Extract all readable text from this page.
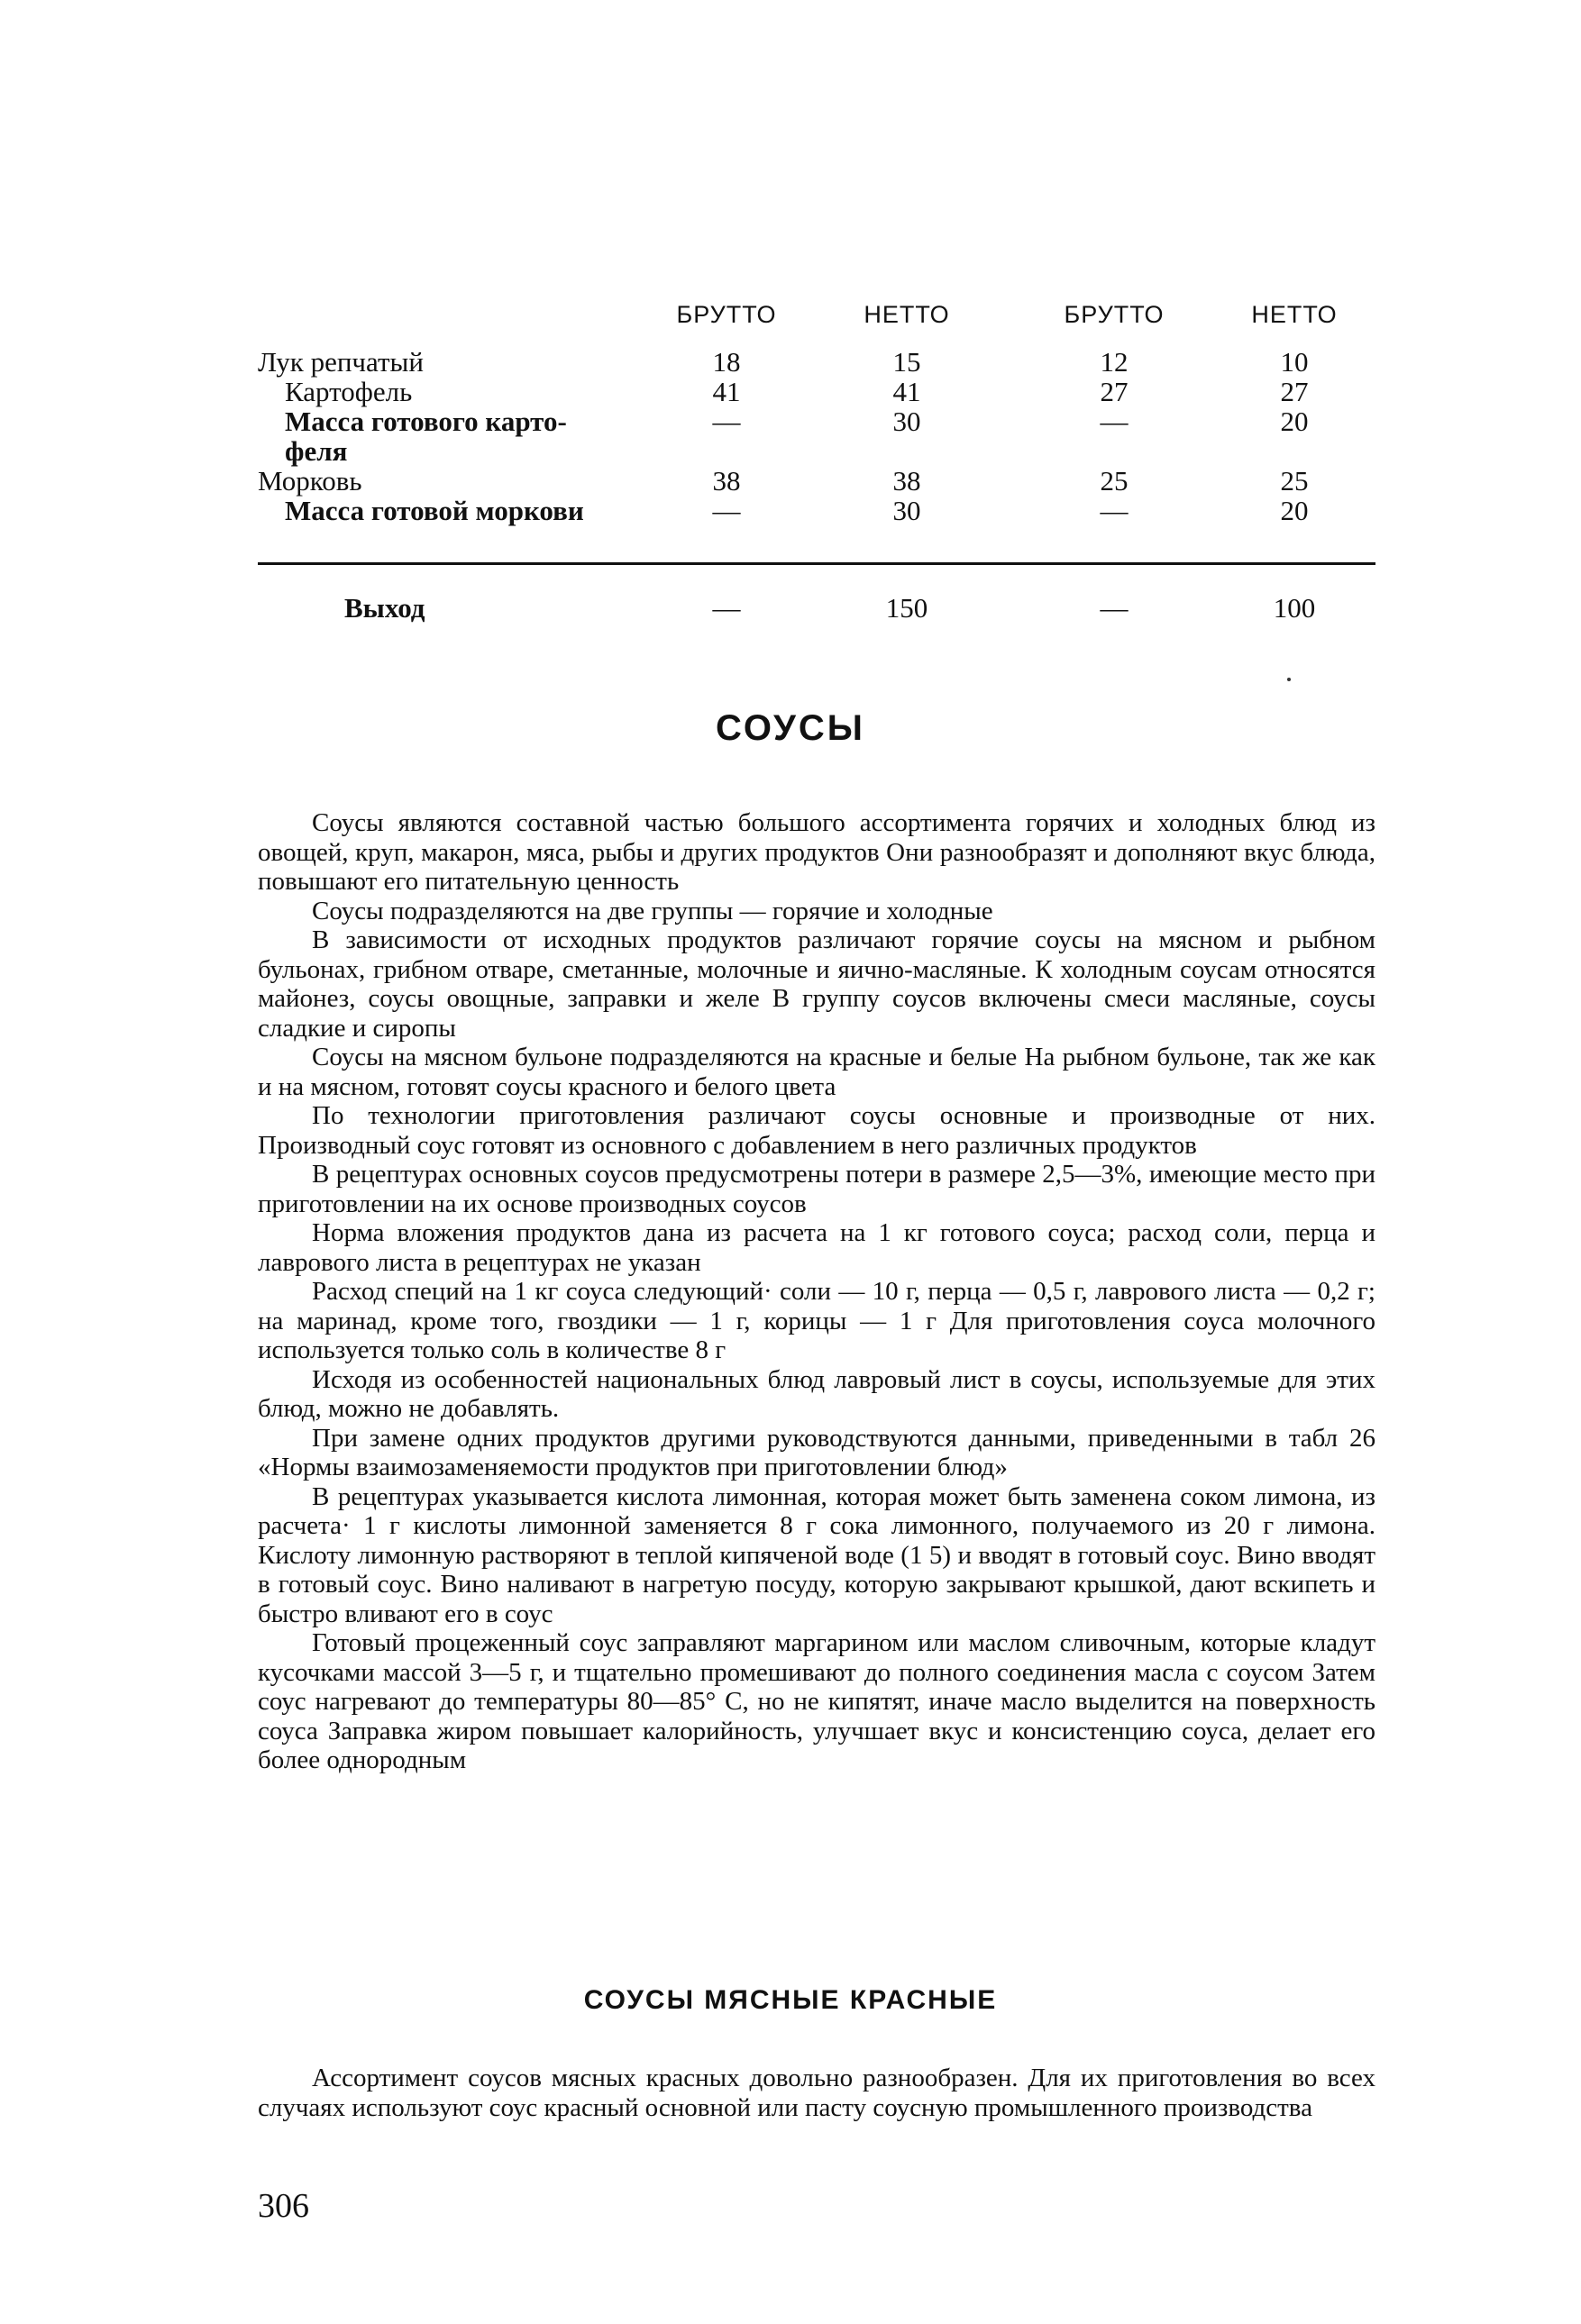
БРУТТО	НЕТТО	БРУТТО	НЕТТО
Лук репчатый	18	15	12	10
Картофель	41	41	27	27
Масса готового карто-	—	30	—	20
феля
Морковь	38	38	25	25
Масса готовой моркови	—	30	—	20
Выход	—	150	—	100
СОУСЫ

Соусы являются составной частью большого ассортимента горячих и холодных блюд из овощей, круп, макарон, мяса, рыбы и других продуктов Они разнообразят и дополняют вкус блюда, повышают его питательную ценность

Соусы подразделяются на две группы — горячие и холодные

В зависимости от исходных продуктов различают горячие соусы на мясном и рыбном бульонах, грибном отваре, сметанные, молочные и яично-масляные. К холодным соусам относятся майонез, соусы овощные, заправки и желе В группу соусов включены смеси масляные, соусы сладкие и сиропы

Соусы на мясном бульоне подразделяются на красные и белые На рыбном бульоне, так же как и на мясном, готовят соусы красного и белого цвета

По технологии приготовления различают соусы основные и производные от них. Производный соус готовят из основного с добавлением в него различных продуктов

В рецептурах основных соусов предусмотрены потери в размере 2,5—3%, имеющие место при приготовлении на их основе производных соусов

Норма вложения продуктов дана из расчета на 1 кг готового соуса; расход соли, перца и лаврового листа в рецептурах не указан

Расход специй на 1 кг соуса следующий· соли — 10 г, перца — 0,5 г, лаврового листа — 0,2 г; на маринад, кроме того, гвоздики — 1 г, корицы — 1 г Для приготовления соуса молочного используется только соль в количестве 8 г

Исходя из особенностей национальных блюд лавровый лист в соусы, используемые для этих блюд, можно не добавлять.

При замене одних продуктов другими руководствуются данными, приведенными в табл 26 «Нормы взаимозаменяемости продуктов при приготовлении блюд»

В рецептурах указывается кислота лимонная, которая может быть заменена соком лимона, из расчета· 1 г кислоты лимонной заменяется 8 г сока лимонного, получаемого из 20 г лимона. Кислоту лимонную растворяют в теплой кипяченой воде (1 5) и вводят в готовый соус. Вино вводят в готовый соус. Вино наливают в нагретую посуду, которую закрывают крышкой, дают вскипеть и быстро вливают его в соус

Готовый процеженный соус заправляют маргарином или маслом сливочным, которые кладут кусочками массой 3—5 г, и тщательно промешивают до полного соединения масла с соусом Затем соус нагревают до температуры 80—85° С, но не кипятят, иначе масло выделится на поверхность соуса Заправка жиром повышает калорийность, улучшает вкус и консистенцию соуса, делает его более однородным

СОУСЫ МЯСНЫЕ КРАСНЫЕ

Ассортимент соусов мясных красных довольно разнообразен. Для их приготовления во всех случаях используют соус красный основной или пасту соусную промышленного производства

306
